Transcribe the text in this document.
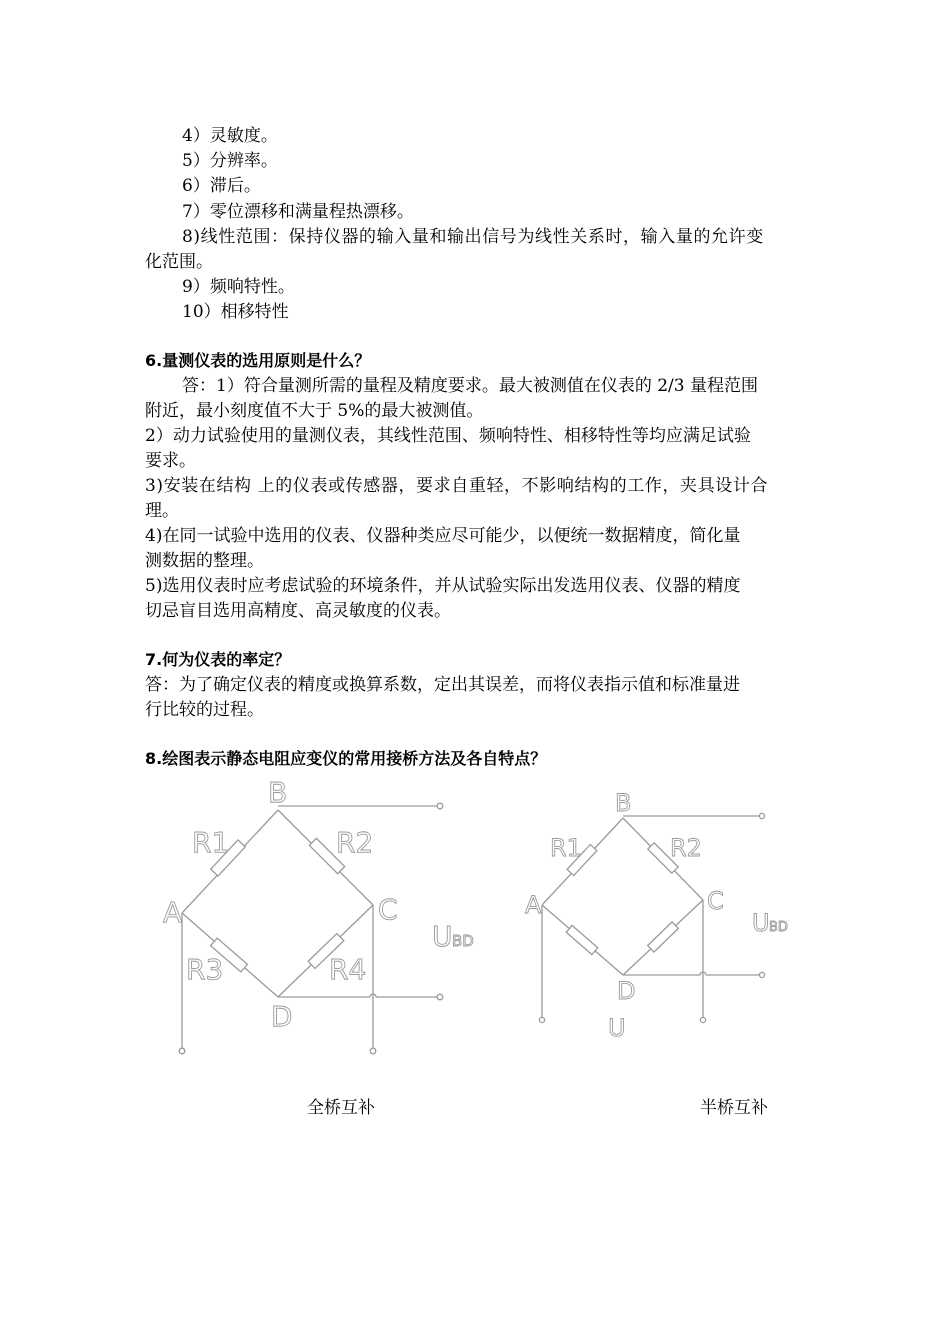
4）灵敏度。
5）分辨率。
6）滞后。
7）零位漂移和满量程热漂移。
8)线性范围：保持仪器的输入量和输出信号为线性关系时，输入量的允许变
化范围。
9）频响特性。
10）相移特性
6.量测仪表的选用原则是什么？
答：1）符合量测所需的量程及精度要求。最大被测值在仪表的 2/3 量程范围
附近，最小刻度值不大于 5%的最大被测值。
2）动力试验使用的量测仪表，其线性范围、频响特性、相移特性等均应满足试验
要求。
3)安装在结构 上的仪表或传感器，要求自重轻，不影响结构的工作，夹具设计合
理。
4)在同一试验中选用的仪表、仪器种类应尽可能少，以便统一数据精度，简化量
测数据的整理。
5)选用仪表时应考虑试验的环境条件，并从试验实际出发选用仪表、仪器的精度
切忌盲目选用高精度、高灵敏度的仪表。
7.何为仪表的率定？
答：为了确定仪表的精度或换算系数，定出其误差，而将仪表指示值和标准量进
行比较的过程。
8.绘图表示静态电阻应变仪的常用接桥方法及各自特点？
B
R1	R2
A	C
U BD
R3	R4
D
B
R1	R2
A	C
U BD
D
U
全桥互补	半桥互补
